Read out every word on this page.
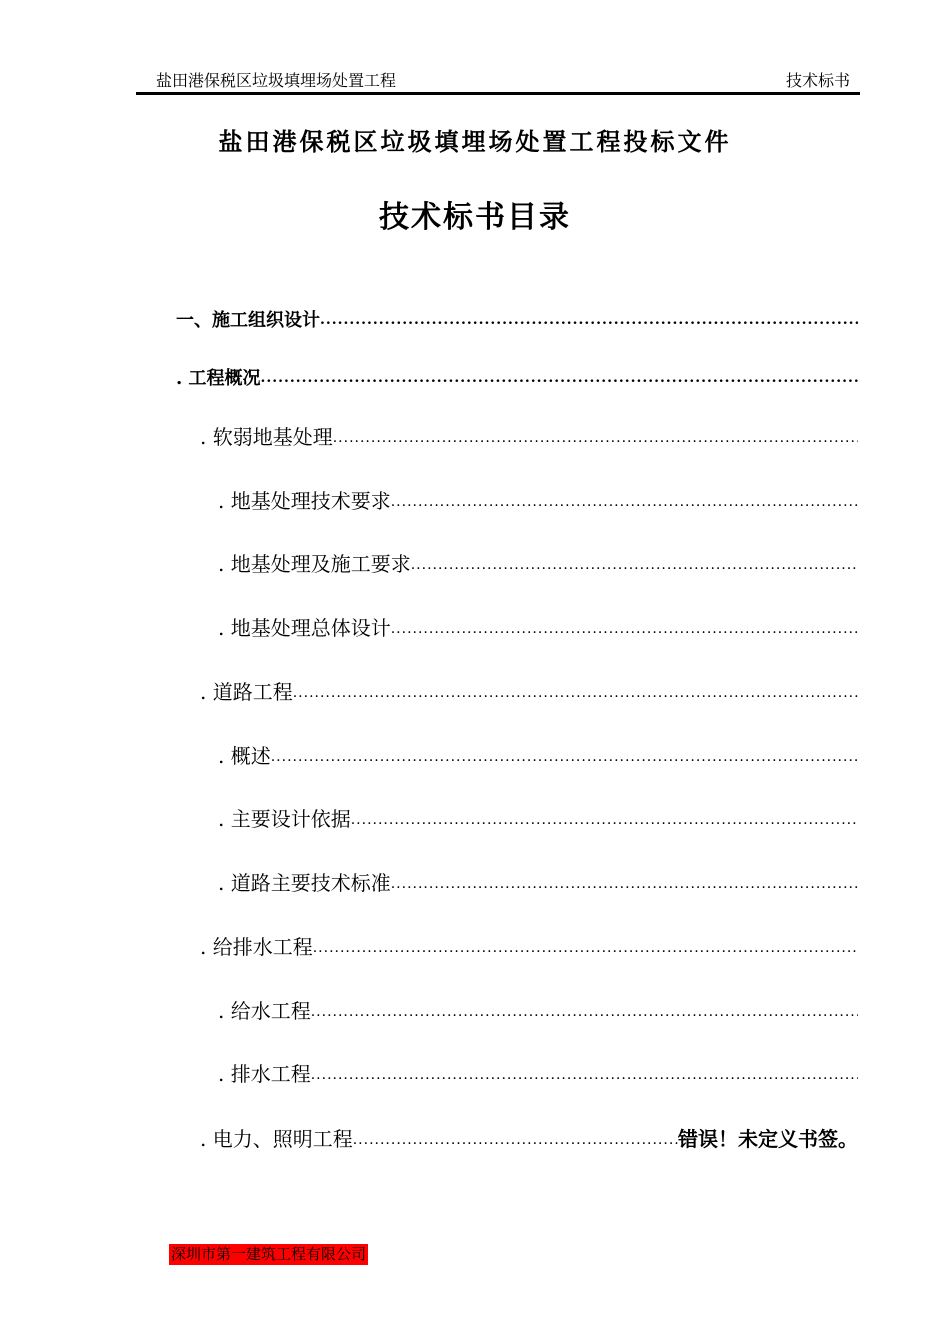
盐田港保税区垃圾填埋场处置工程	技术标书
盐田港保税区垃圾填埋场处置工程投标文件
技术标书目录
一、施工组织设计
.....
. 工程概况
.....
. 软弱地基处理
.....
. 地基处理技术要求
.....
. 地基处理及施工要求
.....
. 地基处理总体设计
.....
. 道路工程
.....
. 概述
.....
. 主要设计依据
.....
. 道路主要技术标准
.....
. 给排水工程
.....
. 给水工程
.....
. 排水工程
.....
. 电力、照明工程
.....	错误！未定义书签。
深圳市第一建筑工程有限公司
